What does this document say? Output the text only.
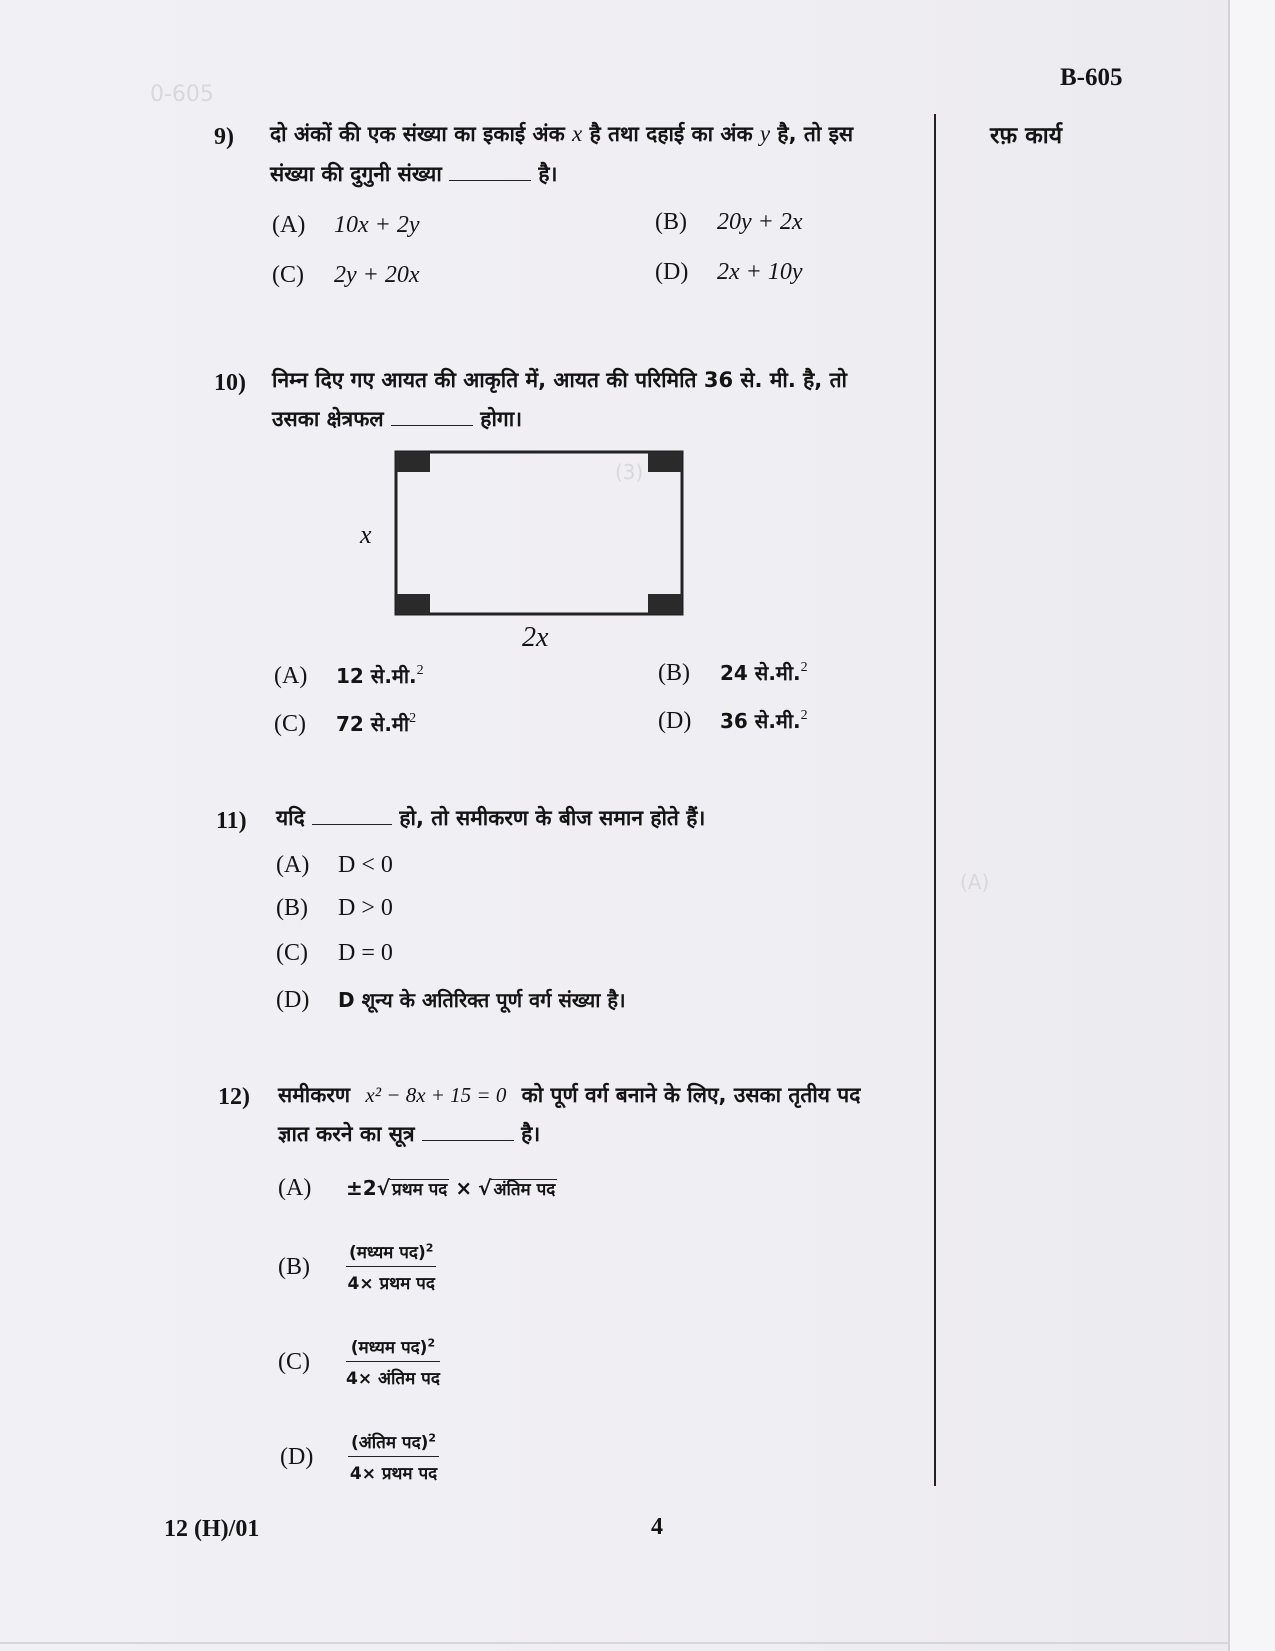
0-605
(3)
(A)
B-605
रफ़ कार्य
9) दो अंकों की एक संख्या का इकाई अंक x है तथा दहाई का अंक y है, तो इस
संख्या की दुगुनी संख्या	है।
(A) 10x + 2y	(B) 20y + 2x
(C) 2y + 20x	(D) 2x + 10y
10) निम्न दिए गए आयत की आकृति में, आयत की परिमिति 36 से. मी. है, तो
उसका क्षेत्रफल	होगा।
x
2x
(A) 12 से.मी.$^2$	(B) 24 से.मी.$^2$
(C) 72 से.मी$^2$	(D) 36 से.मी.$^2$
11) यदि	हो, तो समीकरण के बीज समान होते हैं।
(A) D < 0
(B) D > 0
(C) D = 0
(D) D शून्य के अतिरिक्त पूर्ण वर्ग संख्या है।
12) समीकरण x² − 8x + 15 = 0 को पूर्ण वर्ग बनाने के लिए, उसका तृतीय पद
ज्ञात करने का सूत्र	है।
(A) ±2√ प्रथम पद × √ अंतिम पद
$(B) \frac{(मध्यम पद)^2}{\text{4× प्रथम पद}}$
$(C) \frac{(मध्यम पद)^2}{\text{4× अंतिम पद}}$
$(D) \frac{(अंतिम पद)^2}{\text{4× प्रथम पद}}$
12 (H)/01	4
